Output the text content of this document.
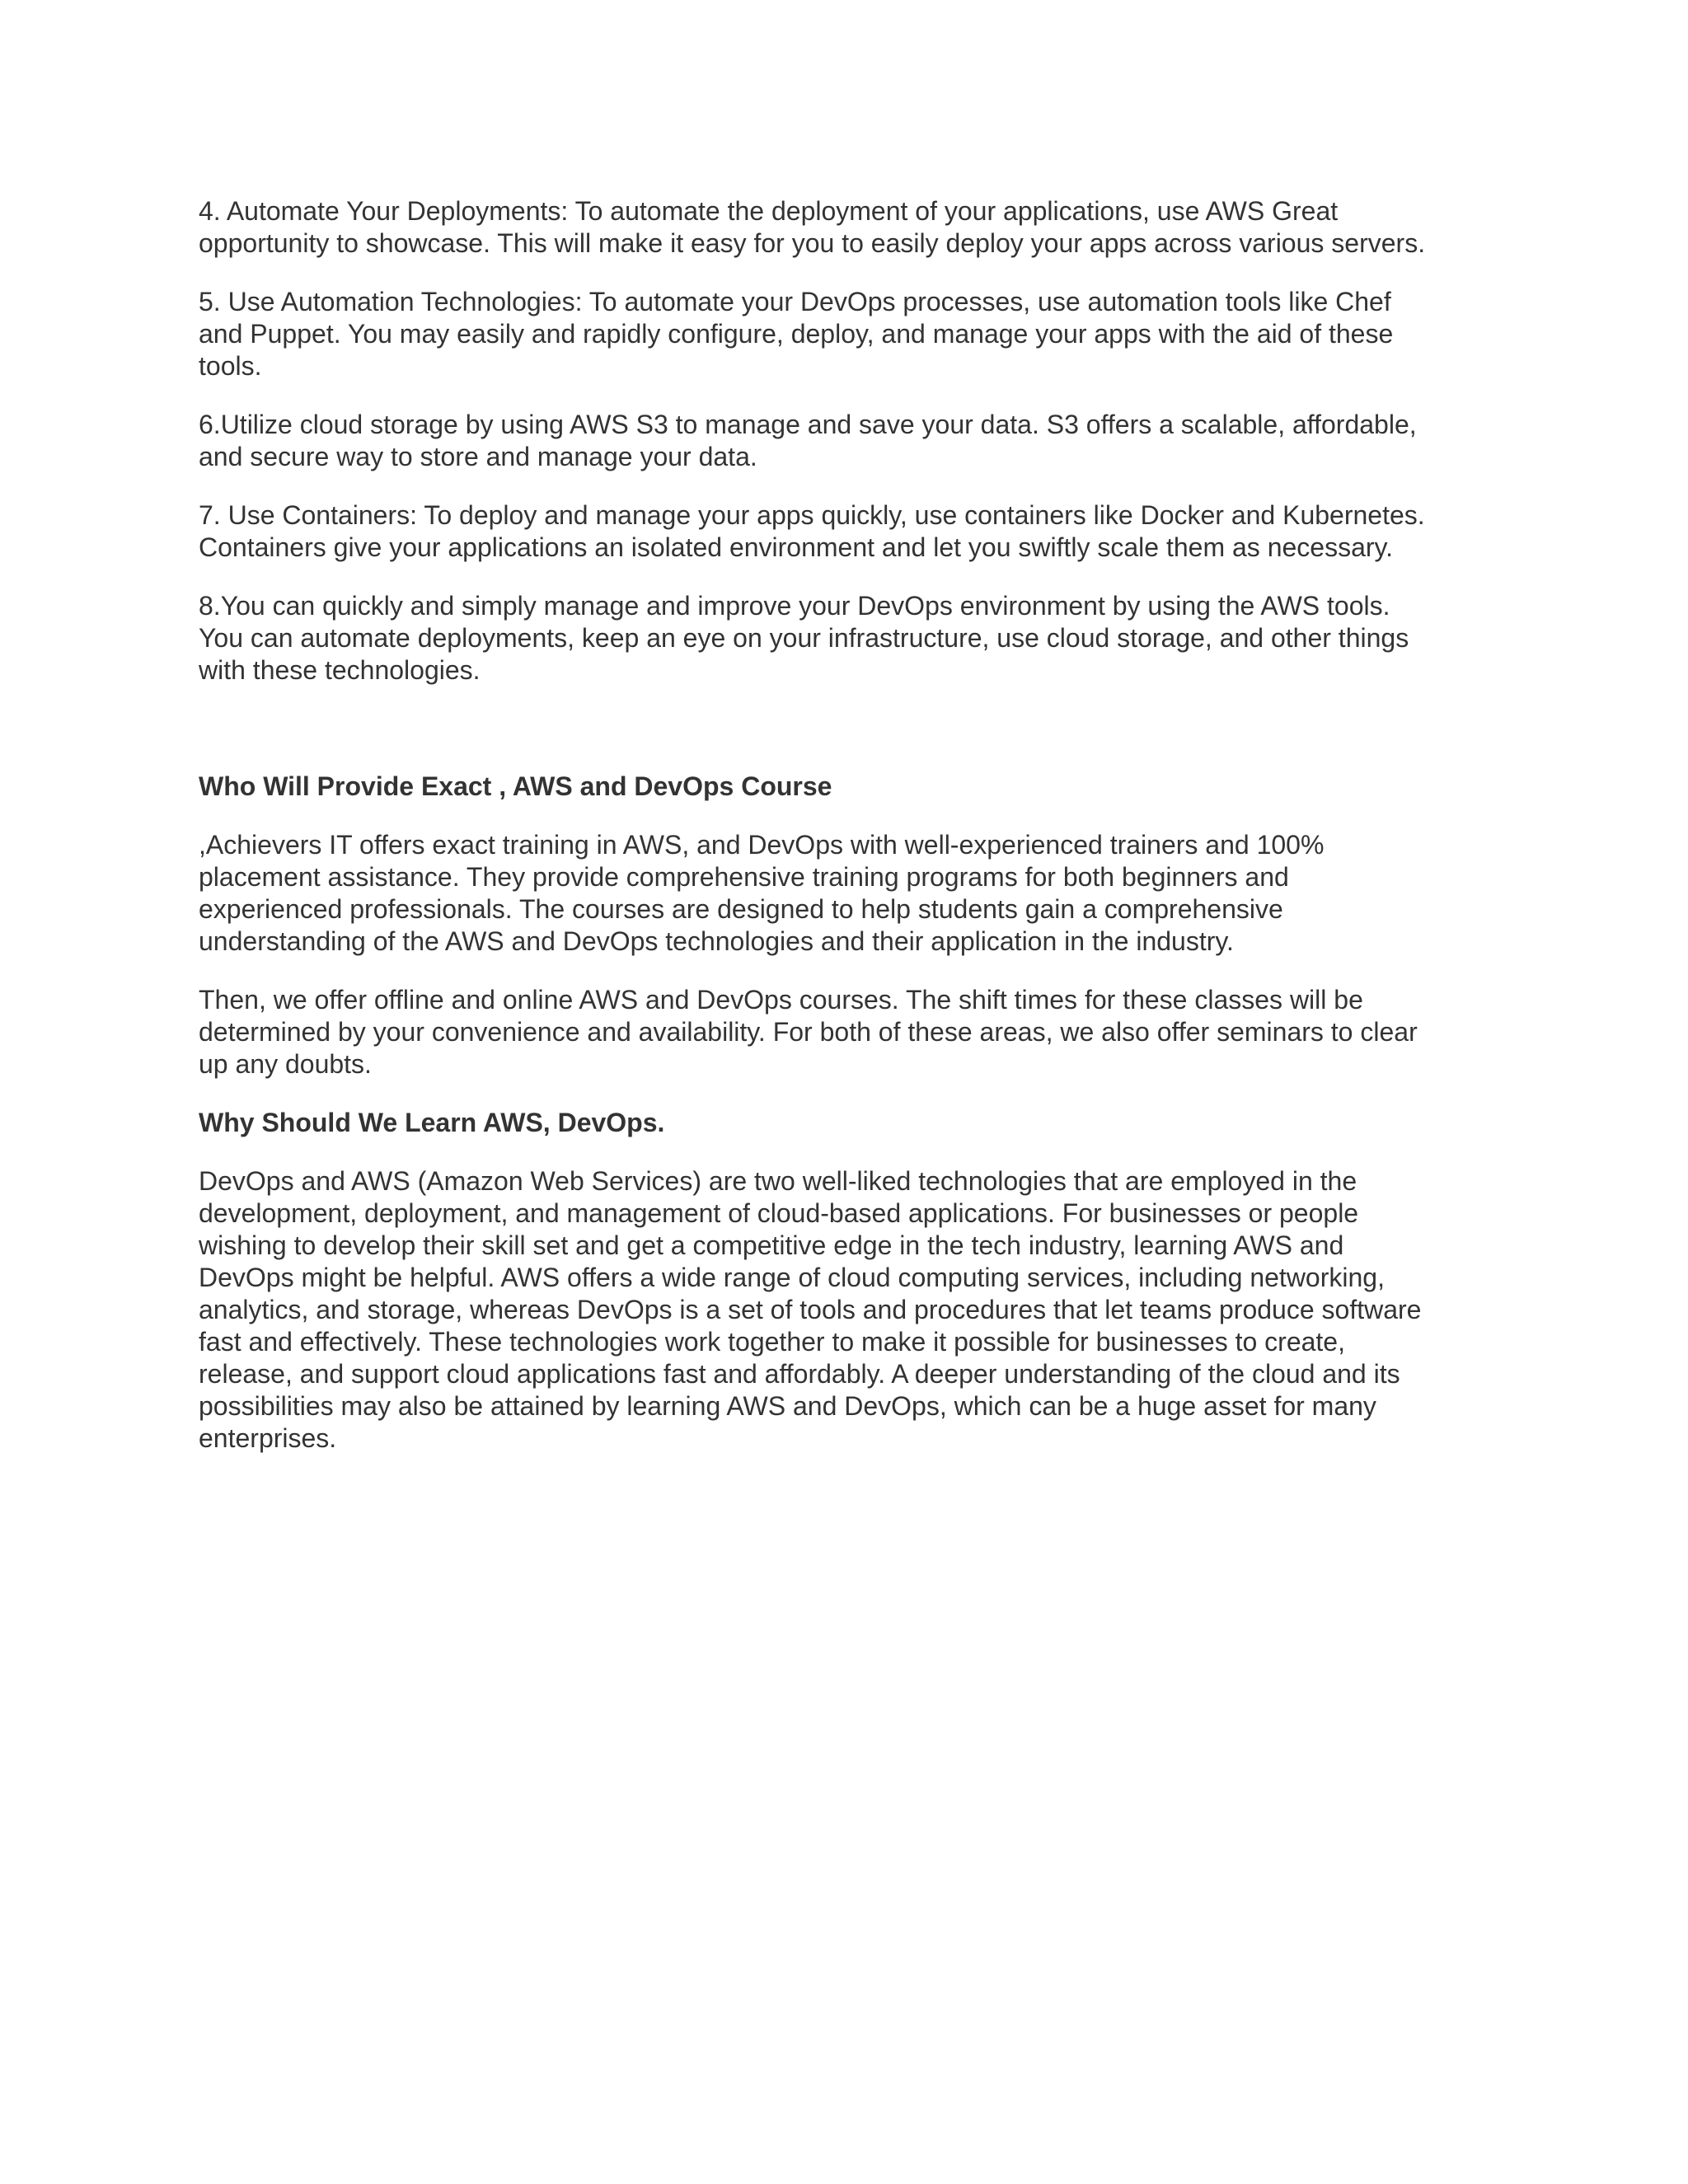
4. Automate Your Deployments: To automate the deployment of your applications, use AWS Great
opportunity to showcase. This will make it easy for you to easily deploy your apps across various servers.

5. Use Automation Technologies: To automate your DevOps processes, use automation tools like Chef
and Puppet. You may easily and rapidly configure, deploy, and manage your apps with the aid of these
tools.

6.Utilize cloud storage by using AWS S3 to manage and save your data. S3 offers a scalable, affordable,
and secure way to store and manage your data.

7. Use Containers: To deploy and manage your apps quickly, use containers like Docker and Kubernetes.
Containers give your applications an isolated environment and let you swiftly scale them as necessary.

8.You can quickly and simply manage and improve your DevOps environment by using the AWS tools.
You can automate deployments, keep an eye on your infrastructure, use cloud storage, and other things
with these technologies.

Who Will Provide Exact , AWS and DevOps Course

,Achievers IT offers exact training in AWS, and DevOps with well-experienced trainers and 100%
placement assistance. They provide comprehensive training programs for both beginners and
experienced professionals. The courses are designed to help students gain a comprehensive
understanding of the AWS and DevOps technologies and their application in the industry.

Then, we offer offline and online AWS and DevOps courses. The shift times for these classes will be
determined by your convenience and availability. For both of these areas, we also offer seminars to clear
up any doubts.

Why Should We Learn AWS, DevOps.

DevOps and AWS (Amazon Web Services) are two well-liked technologies that are employed in the
development, deployment, and management of cloud-based applications. For businesses or people
wishing to develop their skill set and get a competitive edge in the tech industry, learning AWS and
DevOps might be helpful. AWS offers a wide range of cloud computing services, including networking,
analytics, and storage, whereas DevOps is a set of tools and procedures that let teams produce software
fast and effectively. These technologies work together to make it possible for businesses to create,
release, and support cloud applications fast and affordably. A deeper understanding of the cloud and its
possibilities may also be attained by learning AWS and DevOps, which can be a huge asset for many
enterprises.
